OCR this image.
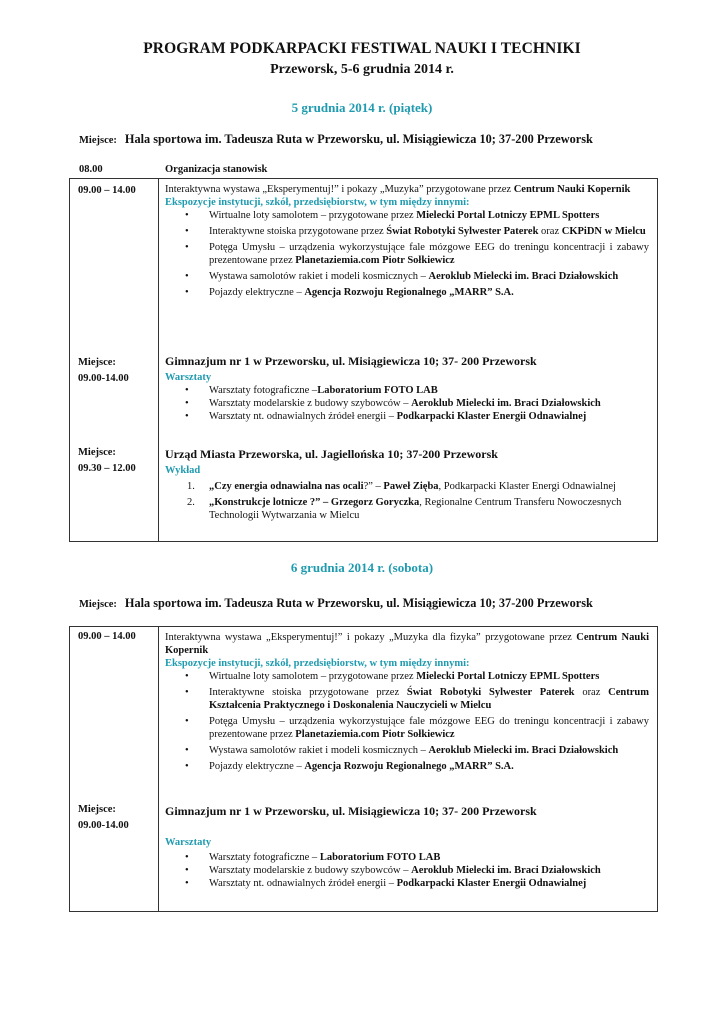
PROGRAM PODKARPACKI FESTIWAL NAUKI I TECHNIKI
Przeworsk, 5-6 grudnia 2014 r.
5 grudnia 2014 r. (piątek)
Miejsce: Hala sportowa im. Tadeusza Ruta w Przeworsku, ul. Misiągiewicza 10; 37-200 Przeworsk
08.00	Organizacja stanowisk
09.00 – 14.00
Miejsce:
09.00-14.00
Miejsce:
09.30 – 12.00
Interaktywna wystawa „Eksperymentuj!” i pokazy „Muzyka” przygotowane przez Centrum Nauki Kopernik
Ekspozycje instytucji, szkół, przedsiębiorstw, w tym między innymi:
• Wirtualne loty samolotem – przygotowane przez Mielecki Portal Lotniczy EPML Spotters
• Interaktywne stoiska przygotowane przez Świat Robotyki Sylwester Paterek oraz CKPiDN w Mielcu
• Potęga Umysłu – urządzenia wykorzystujące fale mózgowe EEG do treningu koncentracji i zabawy prezentowane przez Planetaziemia.com Piotr Sołkiewicz
• Wystawa samolotów rakiet i modeli kosmicznych – Aeroklub Mielecki im. Braci Działowskich
• Pojazdy elektryczne – Agencja Rozwoju Regionalnego „MARR” S.A.
Gimnazjum nr 1 w Przeworsku, ul. Misiągiewicza 10; 37- 200 Przeworsk
Warsztaty
• Warsztaty fotograficzne –Laboratorium FOTO LAB
• Warsztaty modelarskie z budowy szybowców – Aeroklub Mielecki im. Braci Działowskich
• Warsztaty nt. odnawialnych źródeł energii – Podkarpacki Klaster Energii Odnawialnej
Urząd Miasta Przeworska, ul. Jagiellońska 10; 37-200 Przeworsk
Wykład
1. „Czy energia odnawialna nas ocali?” – Paweł Zięba, Podkarpacki Klaster Energi Odnawialnej
2. „Konstrukcje lotnicze ?” – Grzegorz Goryczka, Regionalne Centrum Transferu Nowoczesnych Technologii Wytwarzania w Mielcu
6 grudnia 2014 r. (sobota)
Miejsce: Hala sportowa im. Tadeusza Ruta w Przeworsku, ul. Misiągiewicza 10; 37-200 Przeworsk
09.00 – 14.00
Miejsce:
09.00-14.00
Interaktywna wystawa „Eksperymentuj!” i pokazy „Muzyka dla fizyka” przygotowane przez Centrum Nauki Kopernik
Ekspozycje instytucji, szkół, przedsiębiorstw, w tym między innymi:
• Wirtualne loty samolotem – przygotowane przez Mielecki Portal Lotniczy EPML Spotters
• Interaktywne stoiska przygotowane przez Świat Robotyki Sylwester Paterek oraz Centrum Kształcenia Praktycznego i Doskonalenia Nauczycieli w Mielcu
• Potęga Umysłu – urządzenia wykorzystujące fale mózgowe EEG do treningu koncentracji i zabawy prezentowane przez Planetaziemia.com Piotr Sołkiewicz
• Wystawa samolotów rakiet i modeli kosmicznych – Aeroklub Mielecki im. Braci Działowskich
• Pojazdy elektryczne – Agencja Rozwoju Regionalnego „MARR” S.A.
Gimnazjum nr 1 w Przeworsku, ul. Misiągiewicza 10; 37- 200 Przeworsk
Warsztaty
• Warsztaty fotograficzne – Laboratorium FOTO LAB
• Warsztaty modelarskie z budowy szybowców – Aeroklub Mielecki im. Braci Działowskich
• Warsztaty nt. odnawialnych źródeł energii – Podkarpacki Klaster Energii Odnawialnej
